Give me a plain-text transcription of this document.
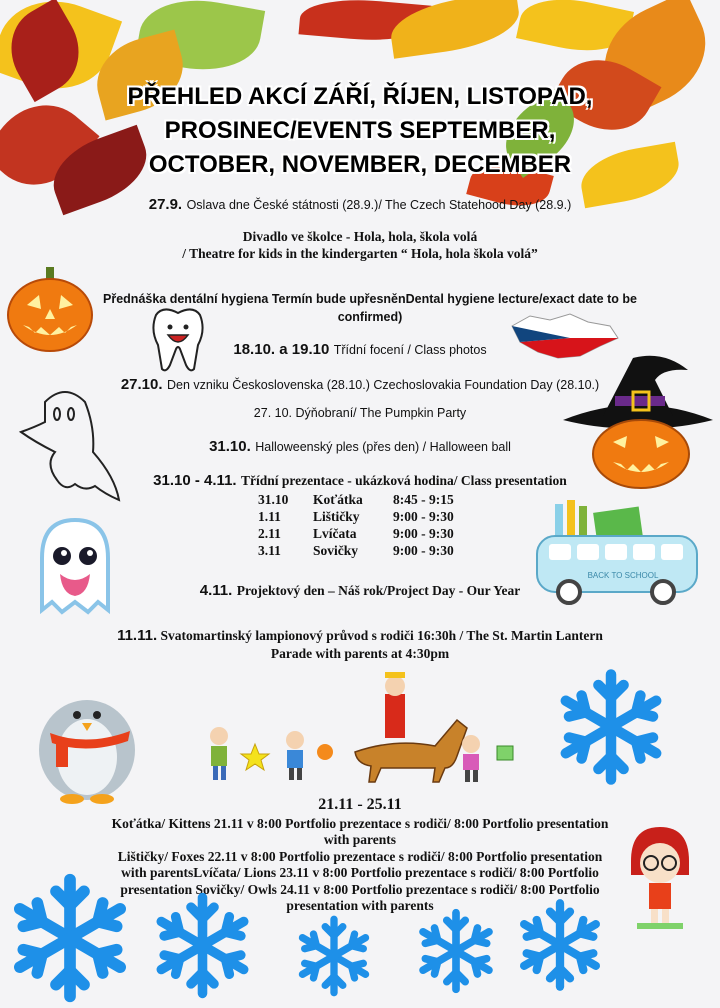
PŘEHLED AKCÍ ZÁŘÍ, ŘÍJEN, LISTOPAD,
PROSINEC/EVENTS SEPTEMBER,
OCTOBER, NOVEMBER, DECEMBER
27.9. Oslava dne České státnosti (28.9.)/ The Czech Statehood Day (28.9.)
Divadlo ve školce - Hola, hola, škola volá
/ Theatre for kids in the kindergarten “ Hola, hola škola volá”
Přednáška dentální hygiena Termín bude upřesněnDental hygiene lecture/exact date to be
confirmed)
18.10. a 19.10 Třídní focení / Class photos
27.10. Den vzniku Československa (28.10.) Czechoslovakia Foundation Day (28.10.)
27. 10. Dýňobraní/ The Pumpkin Party
31.10. Halloweenský ples (přes den) / Halloween ball
31.10 - 4.11. Třídní prezentace - ukázková hodina/ Class presentation
31.10	Koťátka	8:45 - 9:15
1.11	Lištičky	9:00 - 9:30
2.11	Lvíčata	9:00 - 9:30
3.11	Sovičky	9:00 - 9:30
4.11. Projektový den – Náš rok/Project Day - Our Year
11.11. Svatomartinský lampionový průvod s rodiči 16:30h / The St. Martin Lantern
Parade with parents at 4:30pm
21.11 - 25.11
Koťátka/ Kittens 21.11 v 8:00 Portfolio prezentace s rodiči/ 8:00 Portfolio presentation
with parents
Lištičky/ Foxes 22.11 v 8:00 Portfolio prezentace s rodiči/ 8:00 Portfolio presentation
with parentsLvíčata/ Lions 23.11 v 8:00 Portfolio prezentace s rodiči/ 8:00 Portfolio
presentation Sovičky/ Owls 24.11 v 8:00 Portfolio prezentace s rodiči/ 8:00 Portfolio
presentation with parents
BACK TO SCHOOL
